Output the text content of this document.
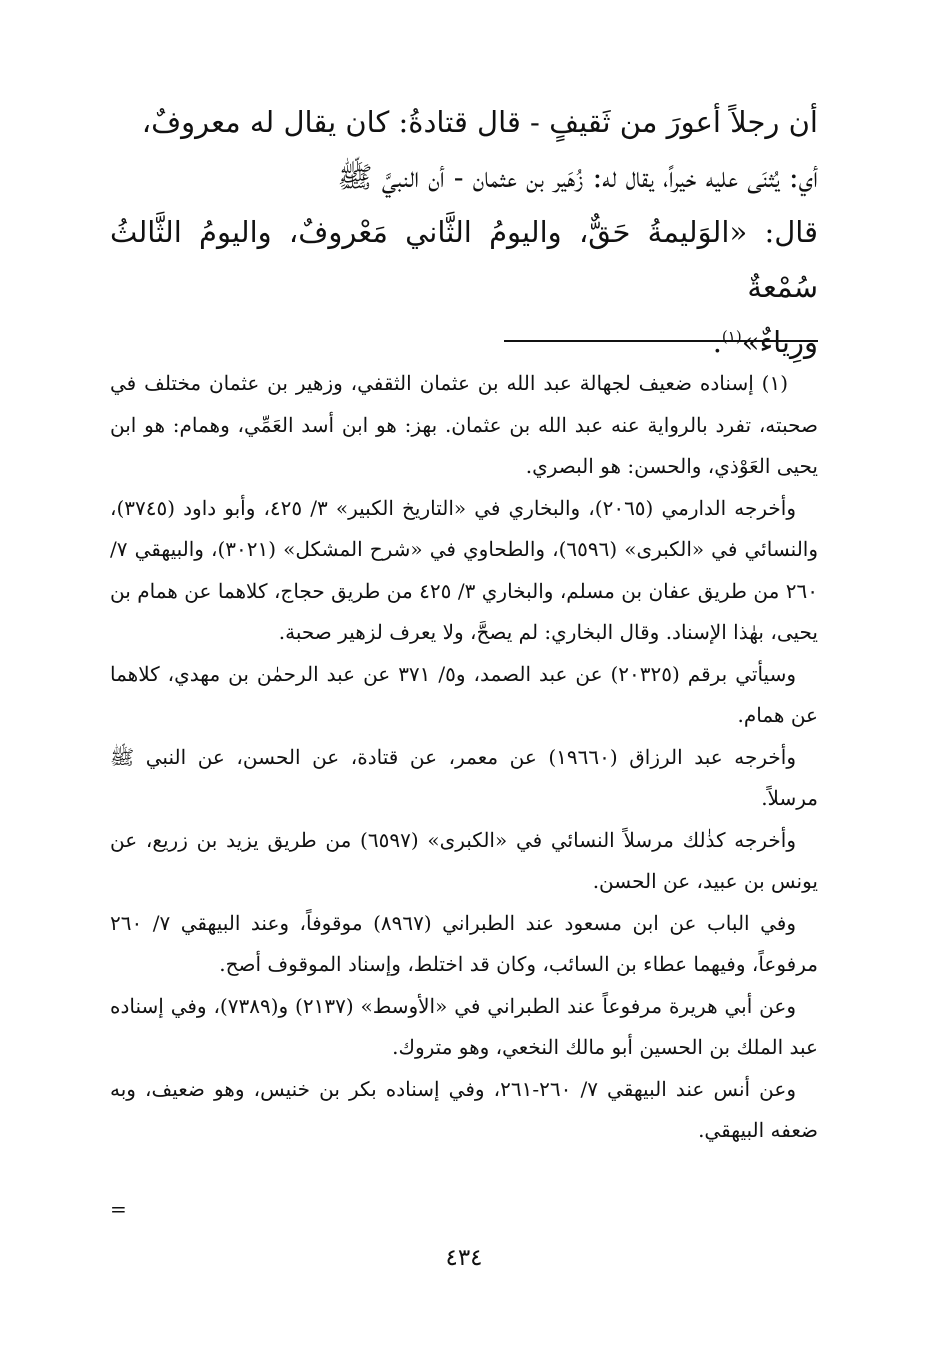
أن رجلاً أعورَ من ثَقيفٍ - قال قتادةُ: كان يقال له معروفٌ،

أي: يُثنَى عليه خيراً، يقال له: زُهَير بن عثمان - أن النبيَّ ﷺ

قال: «الوَليمةُ حَقٌّ، واليومُ الثَّاني مَعْروفٌ، واليومُ الثَّالثُ سُمْعةٌ

ورِياءٌ»$^{(١)}$.

(١) إسناده ضعيف لجهالة عبد الله بن عثمان الثقفي، وزهير بن عثمان مختلف في صحبته، تفرد بالرواية عنه عبد الله بن عثمان. بهز: هو ابن أسد العَمِّي، وهمام: هو ابن يحيى العَوْذي، والحسن: هو البصري.

وأخرجه الدارمي (٢٠٦٥)، والبخاري في «التاريخ الكبير» ٣/ ٤٢٥، وأبو داود (٣٧٤٥)، والنسائي في «الكبرى» (٦٥٩٦)، والطحاوي في «شرح المشكل» (٣٠٢١)، والبيهقي ٧/ ٢٦٠ من طريق عفان بن مسلم، والبخاري ٣/ ٤٢٥ من طريق حجاج، كلاهما عن همام بن يحيى، بهٰذا الإسناد. وقال البخاري: لم يصحَّ، ولا يعرف لزهير صحبة.

وسيأتي برقم (٢٠٣٢٥) عن عبد الصمد، و٥/ ٣٧١ عن عبد الرحمٰن بن مهدي، كلاهما عن همام.

وأخرجه عبد الرزاق (١٩٦٦٠) عن معمر، عن قتادة، عن الحسن، عن النبي ﷺ مرسلاً.

وأخرجه كذٰلك مرسلاً النسائي في «الكبرى» (٦٥٩٧) من طريق يزيد بن زريع، عن يونس بن عبيد، عن الحسن.

وفي الباب عن ابن مسعود عند الطبراني (٨٩٦٧) موقوفاً، وعند البيهقي ٧/ ٢٦٠ مرفوعاً، وفيهما عطاء بن السائب، وكان قد اختلط، وإسناد الموقوف أصح.

وعن أبي هريرة مرفوعاً عند الطبراني في «الأوسط» (٢١٣٧) و(٧٣٨٩)، وفي إسناده عبد الملك بن الحسين أبو مالك النخعي، وهو متروك.

وعن أنس عند البيهقي ٧/ ٢٦٠-٢٦١، وفي إسناده بكر بن خنيس، وهو ضعيف، وبه ضعفه البيهقي.

=
٤٣٤
